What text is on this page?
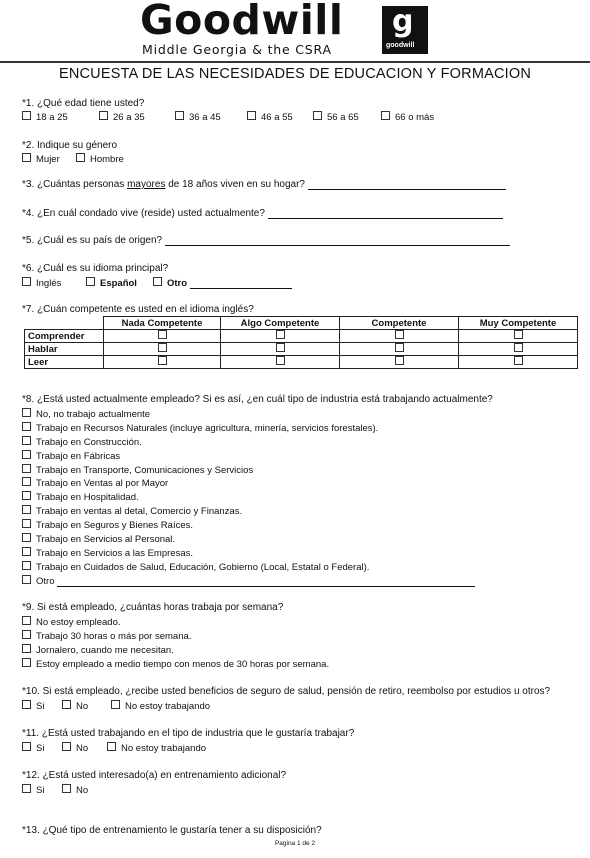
Goodwill
Middle Georgia & the CSRA
g
goodwill
ENCUESTA DE LAS NECESIDADES DE EDUCACION Y FORMACION
*1. ¿Qué edad tiene usted?
18 a 25	26 a 35	36 a 45	46 a 55	56 a 65	66 o más
*2. Indique su género
Mujer	Hombre
*3. ¿Cuántas personas mayores de 18 años viven en su hogar?
*4. ¿En cuál condado vive (reside) usted actualmente?
*5. ¿Cuál es su país de origen?
*6. ¿Cuál es su idioma principal?
Inglés	Español	Otro
*7. ¿Cuán competente es usted en el idioma inglés?
	Nada Competente	Algo Competente	Competente	Muy Competente
Comprender				
Hablar				
Leer				
*8. ¿Está usted actualmente empleado? Si es así, ¿en cuál tipo de industria está trabajando actualmente?
No, no trabajo actualmente
Trabajo en Recursos Naturales (incluye agricultura, minería, servicios forestales).
Trabajo en Construcción.
Trabajo en Fábricas
Trabajo en Transporte, Comunicaciones y Servicios
Trabajo en Ventas al por Mayor
Trabajo en Hospitalidad.
Trabajo en ventas al detal, Comercio y Finanzas.
Trabajo en Seguros y Bienes Raíces.
Trabajo en Servicios al Personal.
Trabajo en Servicios a las Empresas.
Trabajo en Cuidados de Salud, Educación, Gobierno (Local, Estatal o Federal).
Otro
*9. Si está empleado, ¿cuántas horas trabaja por semana?
No estoy empleado.
Trabajo 30 horas o más por semana.
Jornalero, cuando me necesitan.
Estoy empleado a medio tiempo con menos de 30 horas por semana.
*10. Si está empleado, ¿recibe usted beneficios de seguro de salud, pensión de retiro, reembolso por estudios u otros?
Si	No	No estoy trabajando
*11. ¿Está usted trabajando en el tipo de industria que le gustaría trabajar?
Si	No	No estoy trabajando
*12. ¿Está usted interesado(a) en entrenamiento adicional?
Si	No
*13. ¿Qué tipo de entrenamiento le gustaría tener a su disposición?
Pagina 1 de 2
